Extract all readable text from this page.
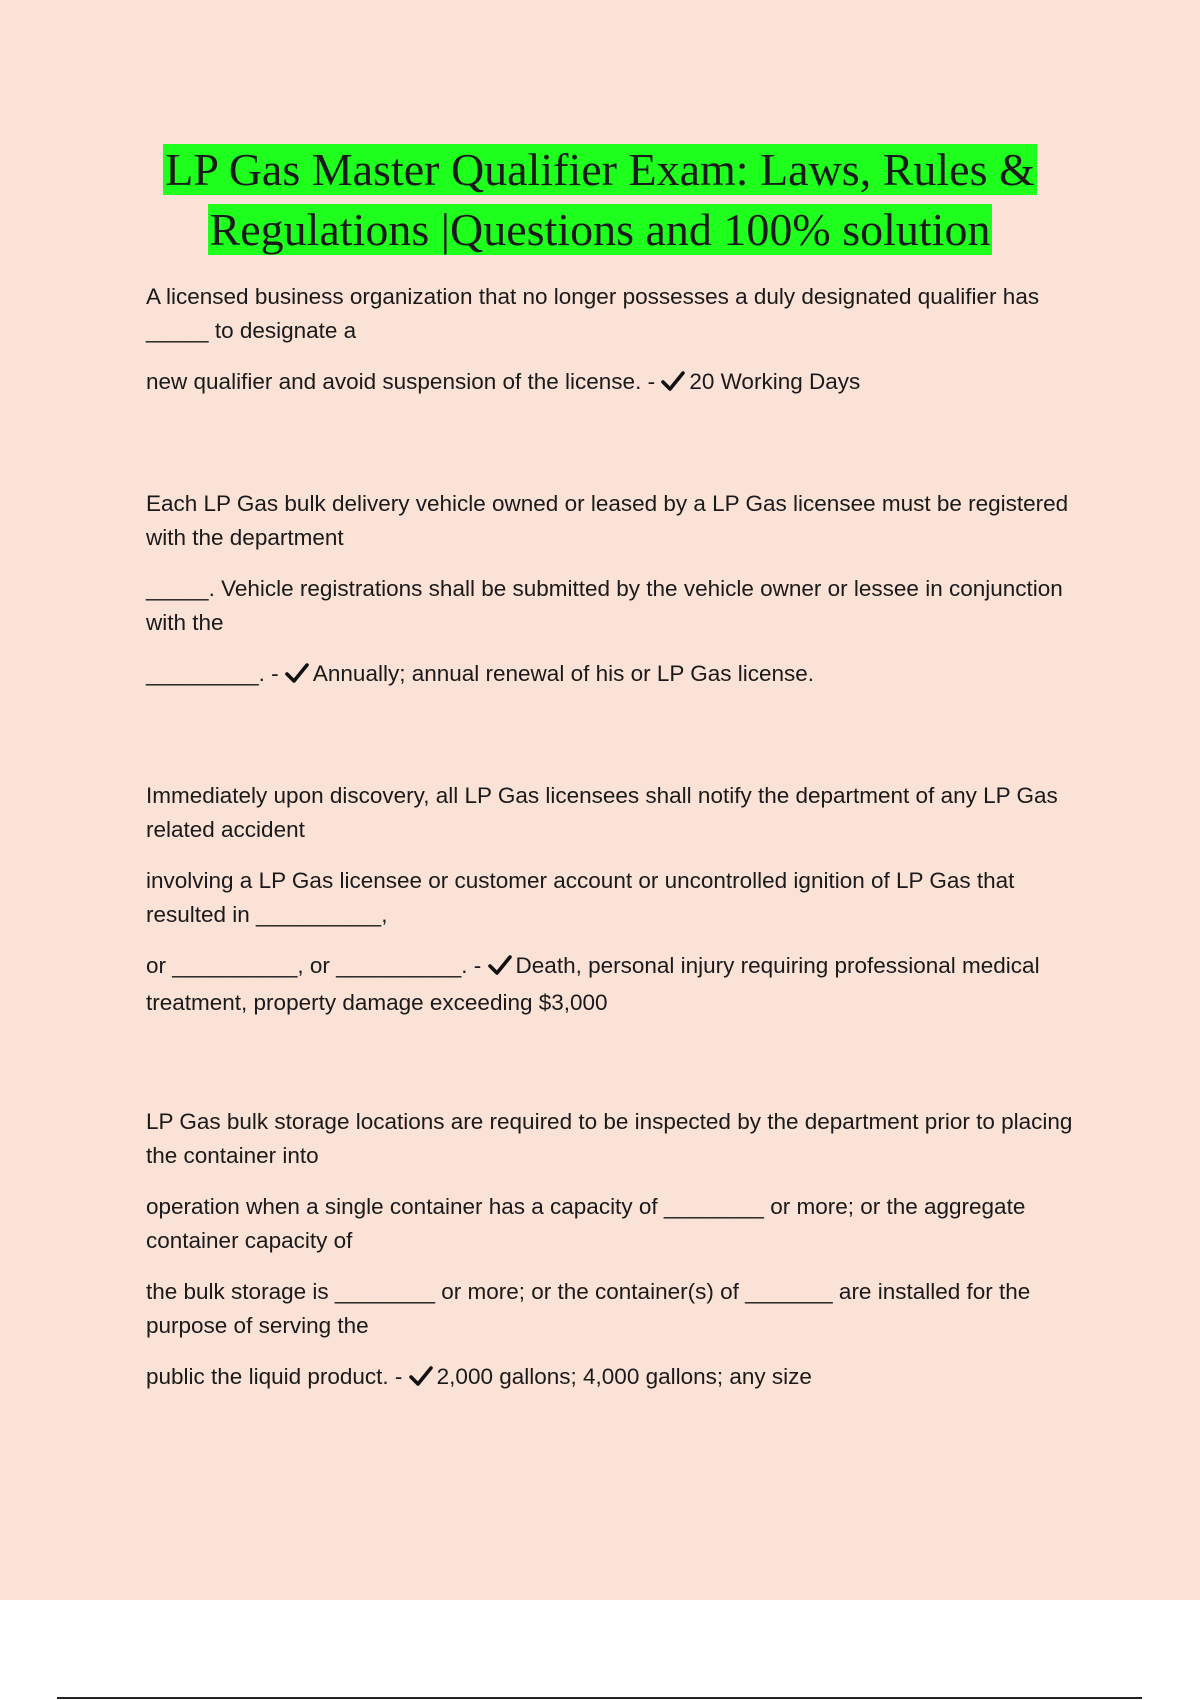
LP Gas Master Qualifier Exam: Laws, Rules &
Regulations |Questions and 100% solution
A licensed business organization that no longer possesses a duly designated qualifier has _____ to designate a
new qualifier and avoid suspension of the license. - 20 Working Days
Each LP Gas bulk delivery vehicle owned or leased by a LP Gas licensee must be registered with the department
_____. Vehicle registrations shall be submitted by the vehicle owner or lessee in conjunction with the
_________. - Annually; annual renewal of his or LP Gas license.
Immediately upon discovery, all LP Gas licensees shall notify the department of any LP Gas related accident
involving a LP Gas licensee or customer account or uncontrolled ignition of LP Gas that resulted in __________,
or __________, or __________. - Death, personal injury requiring professional medical treatment, property damage exceeding $3,000
LP Gas bulk storage locations are required to be inspected by the department prior to placing the container into
operation when a single container has a capacity of ________ or more; or the aggregate container capacity of
the bulk storage is ________ or more; or the container(s) of _______ are installed for the purpose of serving the
public the liquid product. - 2,000 gallons; 4,000 gallons; any size
